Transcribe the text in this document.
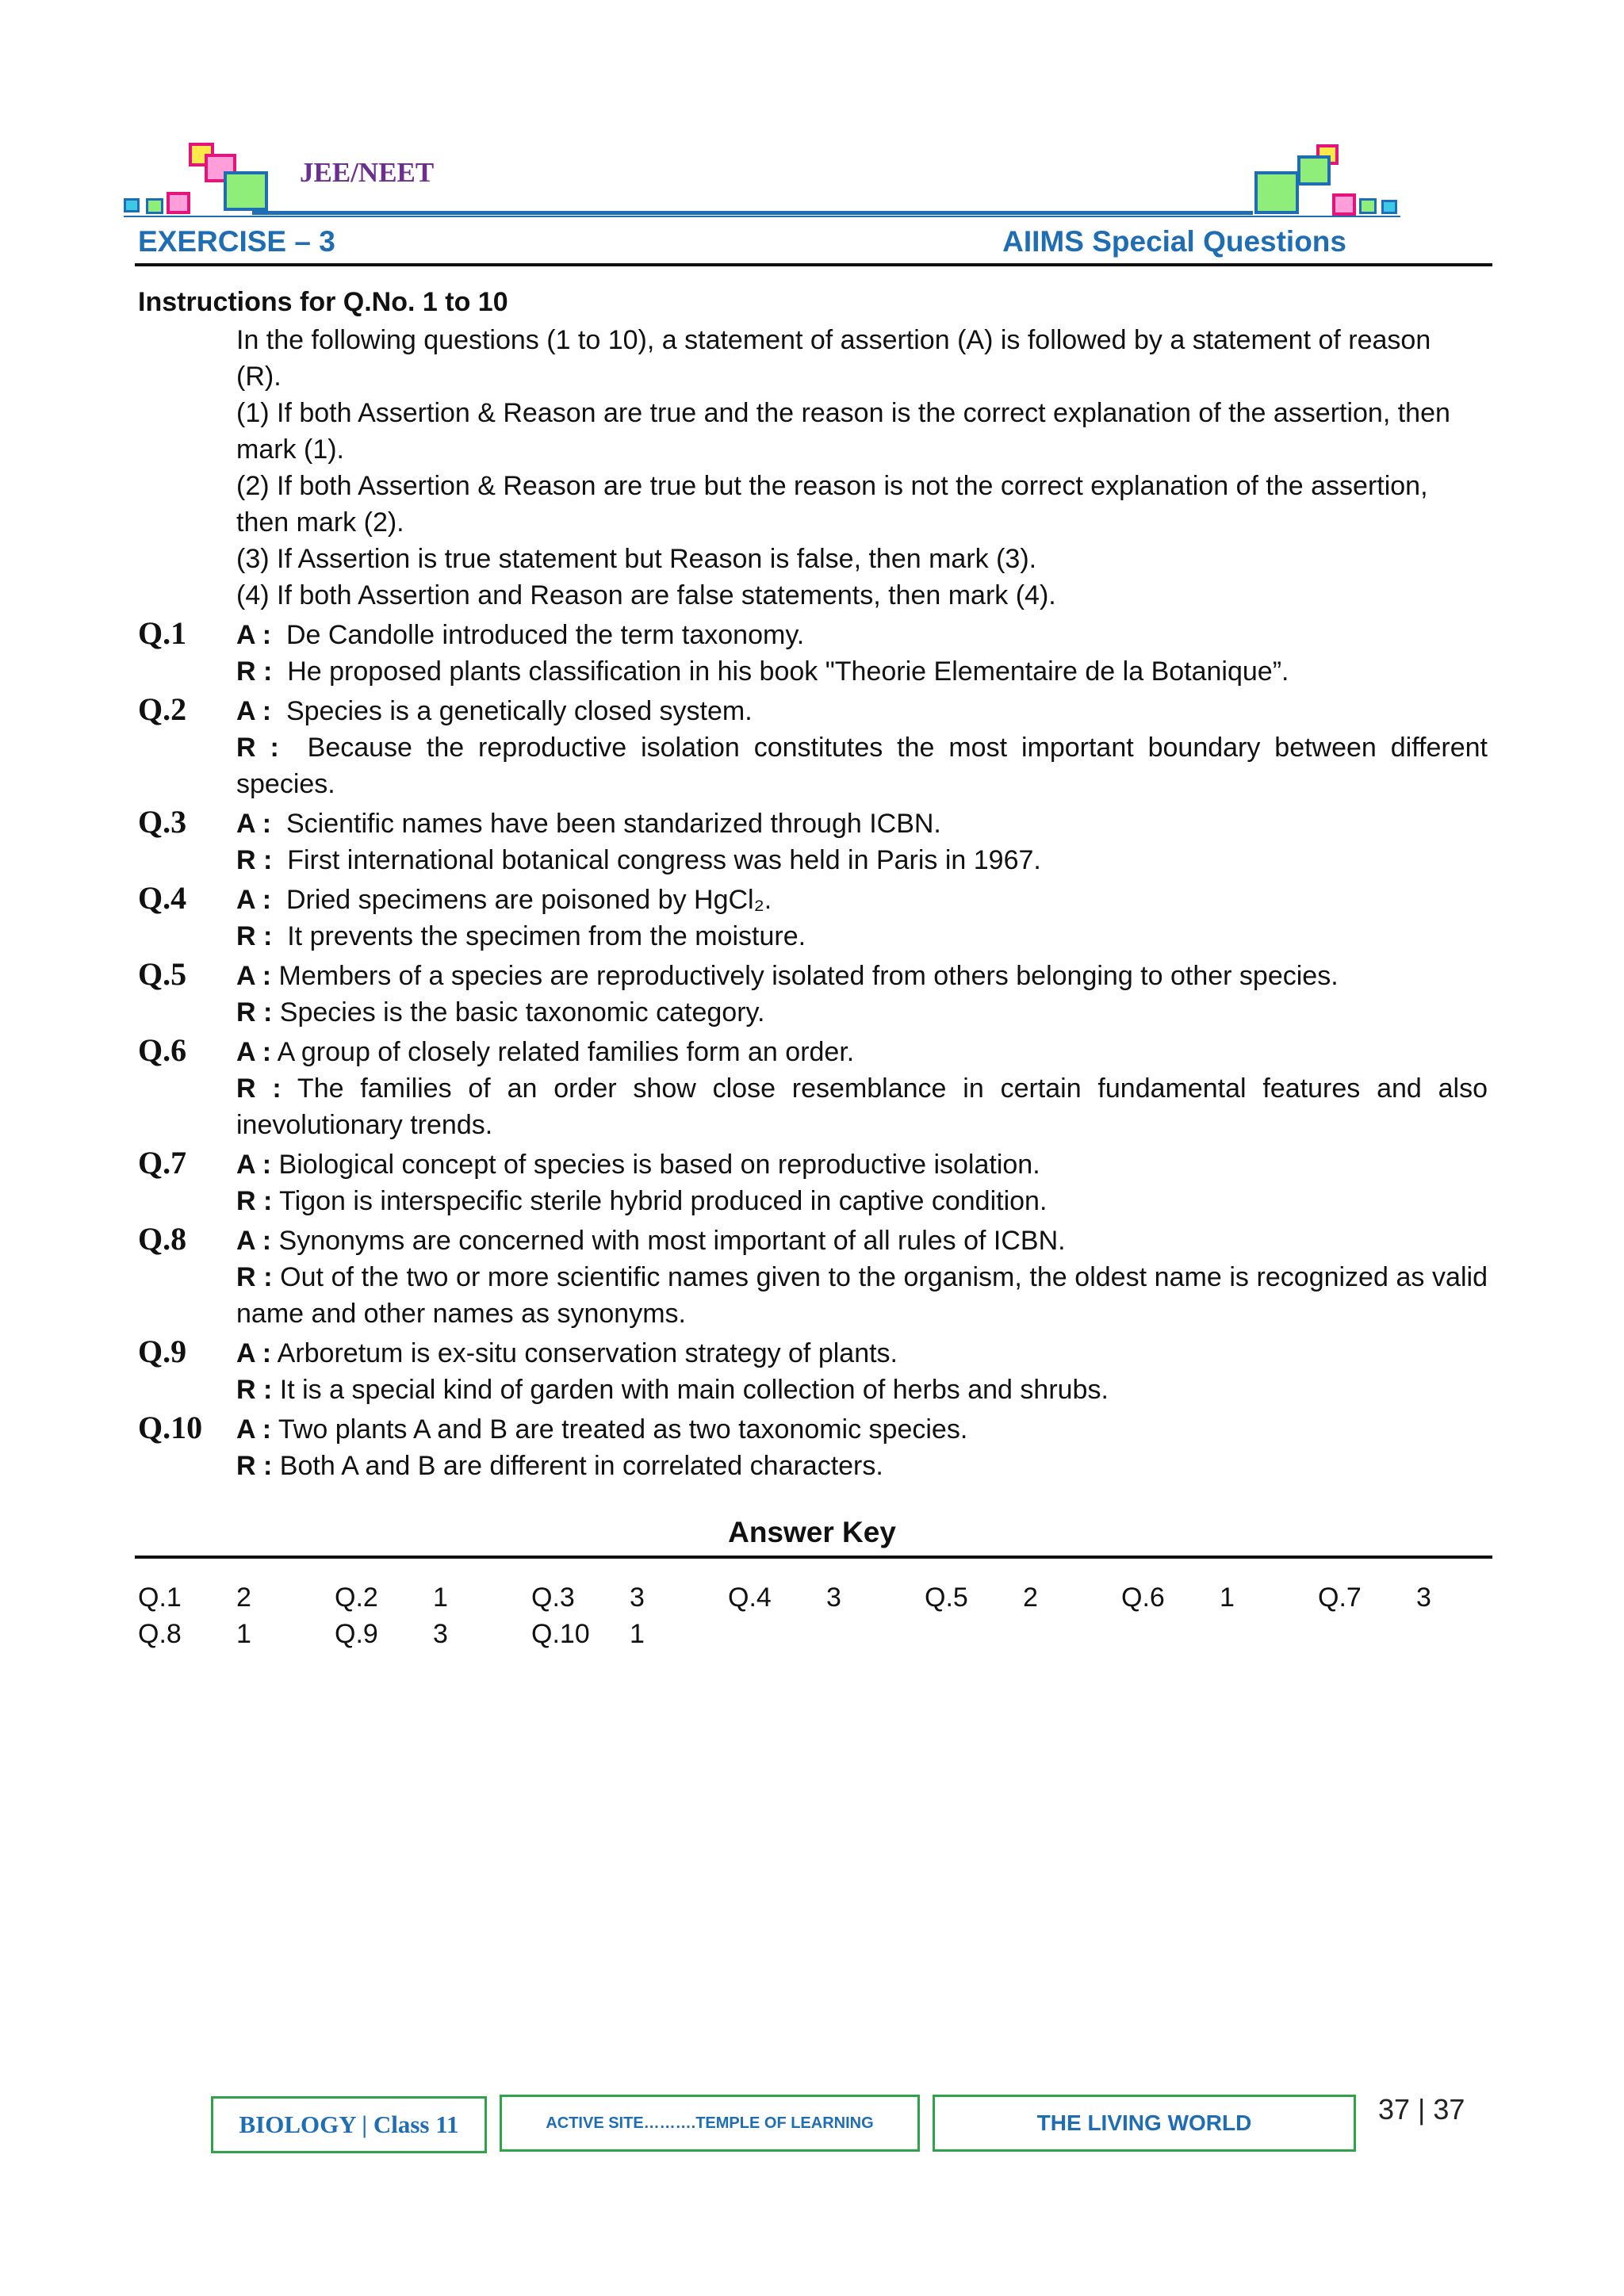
JEE/NEET
EXERCISE – 3	AIIMS Special Questions
Instructions for Q.No. 1 to 10
In the following questions (1 to 10), a statement of assertion (A) is followed by a statement of reason
(R).
(1) If both Assertion & Reason are true and the reason is the correct explanation of the assertion, then
mark (1).
(2) If both Assertion & Reason are true but the reason is not the correct explanation of the assertion,
then mark (2).
(3) If Assertion is true statement but Reason is false, then mark (3).
(4) If both Assertion and Reason are false statements, then mark (4).
Q.1 A : De Candolle introduced the term taxonomy.
R : He proposed plants classification in his book "Theorie Elementaire de la Botanique”.
Q.2 A : Species is a genetically closed system.
R : Because the reproductive isolation constitutes the most important boundary between different species.
Q.3 A : Scientific names have been standarized through ICBN.
R : First international botanical congress was held in Paris in 1967.
Q.4 A : Dried specimens are poisoned by HgCl₂.
R : It prevents the specimen from the moisture.
Q.5 A : Members of a species are reproductively isolated from others belonging to other species.
R : Species is the basic taxonomic category.
Q.6 A : A group of closely related families form an order.
R : The families of an order show close resemblance in certain fundamental features and also inevolutionary trends.
Q.7 A : Biological concept of species is based on reproductive isolation.
R : Tigon is interspecific sterile hybrid produced in captive condition.
Q.8 A : Synonyms are concerned with most important of all rules of ICBN.
R : Out of the two or more scientific names given to the organism, the oldest name is recognized as valid name and other names as synonyms.
Q.9 A : Arboretum is ex-situ conservation strategy of plants.
R : It is a special kind of garden with main collection of herbs and shrubs.
Q.10 A : Two plants A and B are treated as two taxonomic species.
R : Both A and B are different in correlated characters.
Answer Key
Q.1 2	Q.2 1	Q.3 3	Q.4 3	Q.5 2	Q.6 1	Q.7 3
Q.8 1	Q.9 3	Q.10 1
BIOLOGY | Class 11	ACTIVE SITE……….TEMPLE OF LEARNING	THE LIVING WORLD	37 | 37
